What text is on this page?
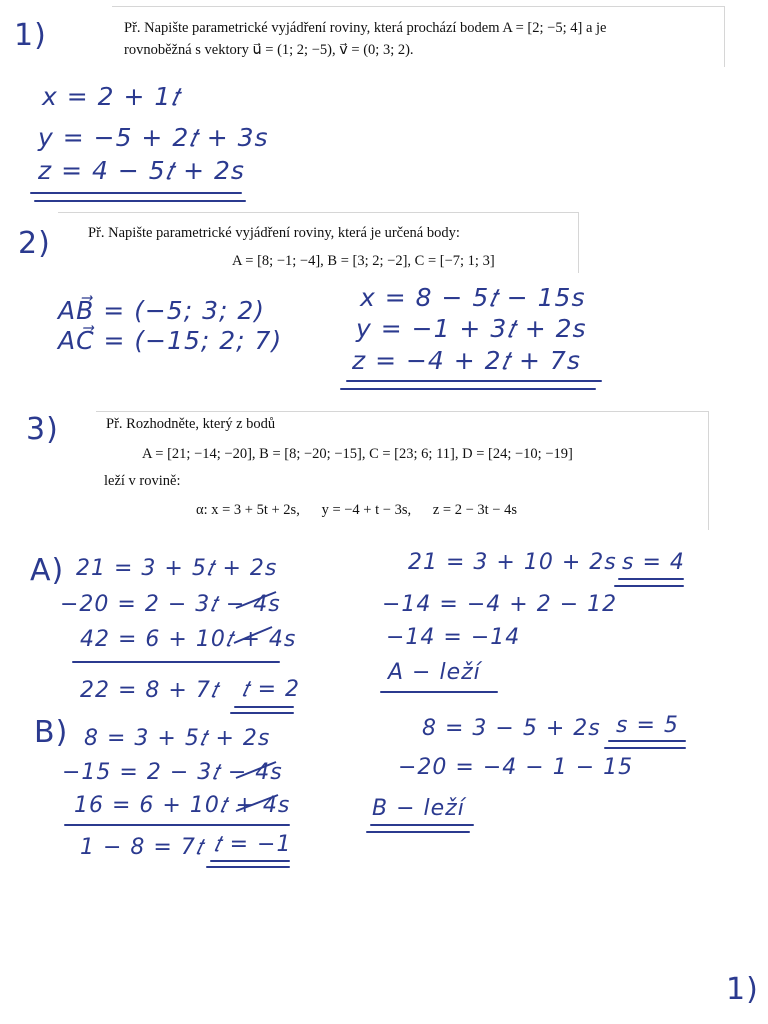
1)	Př. Napište parametrické vyjádření roviny, která prochází bodem A = [2; −5; 4] a je
rovnoběžná s vektory u⃗ = (1; 2; −5), v⃗ = (0; 3; 2).
x = 2 + 1𝑡
y = −5 + 2𝑡 + 3s
z = 4 − 5𝑡 + 2s
2)	Př. Napište parametrické vyjádření roviny, která je určená body:
A = [8; −1; −4], B = [3; 2; −2], C = [−7; 1; 3]
AB⃗ = (−5; 3; 2)
AC⃗ = (−15; 2; 7)
x = 8 − 5𝑡 − 15s
y = −1 + 3𝑡 + 2s
z = −4 + 2𝑡 + 7s
3)	Př. Rozhodněte, který z bodů
A = [21; −14; −20], B = [8; −20; −15], C = [23; 6; 11], D = [24; −10; −19]
leží v rovině:
α: x = 3 + 5t + 2s,      y = −4 + t − 3s,      z = 2 − 3t − 4s
A) 21 = 3 + 5𝑡 + 2s
−20 = 2 − 3𝑡 − 4s
42 = 6 + 10𝑡 + 4s
22 = 8 + 7𝑡 𝑡 = 2
21 = 3 + 10 + 2s s = 4
−14 = −4 + 2 − 12
−14 = −14
A − leží
B) 8 = 3 + 5𝑡 + 2s
−15 = 2 − 3𝑡 − 4s
16 = 6 + 10𝑡 + 4s
1 − 8 = 7𝑡 𝑡 = −1
8 = 3 − 5 + 2s s = 5
−20 = −4 − 1 − 15
B − leží
1)
